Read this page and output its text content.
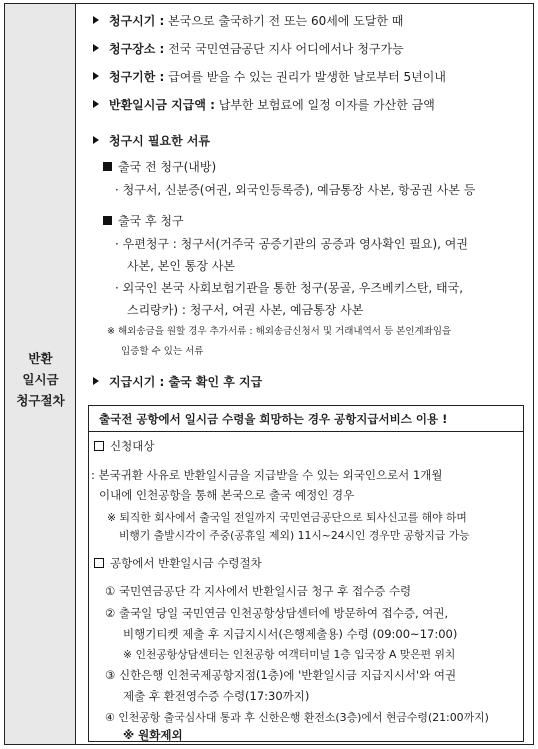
반환
일시금
청구절차
청구시기 : 본국으로 출국하기 전 또는 60세에 도달한 때
청구장소 : 전국 국민연금공단 지사 어디에서나 청구가능
청구기한 : 급여를 받을 수 있는 권리가 발생한 날로부터 5년이내
반환일시금 지급액 : 납부한 보험료에 일정 이자를 가산한 금액
청구시 필요한 서류
출국 전 청구(내방)
· 청구서, 신분증(여권, 외국인등록증), 예금통장 사본, 항공권 사본 등
출국 후 청구
· 우편청구 : 청구서(거주국 공증기관의 공증과 영사확인 필요), 여권
사본, 본인 통장 사본
· 외국인 본국 사회보험기관을 통한 청구(몽골, 우즈베키스탄, 태국,
스리랑카) : 청구서, 여권 사본, 예금통장 사본
※ 해외송금을 원할 경우 추가서류 : 해외송금신청서 및 거래내역서 등 본인계좌임을
입증할 수 있는 서류
지급시기 : 출국 확인 후 지급
출국전 공항에서 일시금 수령을 희망하는 경우 공항지급서비스 이용 !
신청대상
: 본국귀환 사유로 반환일시금을 지급받을 수 있는 외국인으로서 1개월
이내에 인천공항을 통해 본국으로 출국 예정인 경우
※ 퇴직한 회사에서 출국일 전일까지 국민연금공단으로 퇴사신고를 해야 하며
비행기 출발시각이 주중(공휴일 제외) 11시~24시인 경우만 공항지급 가능
공항에서 반환일시금 수령절차
① 국민연금공단 각 지사에서 반환일시금 청구 후 접수증 수령
② 출국일 당일 국민연금 인천공항상담센터에 방문하여 접수증, 여권,
비행기티켓 제출 후 지급지시서(은행제출용) 수령 (09:00~17:00)
※ 인천공항상담센터는 인천공항 여객터미널 1층 입국장 A 맞은편 위치
③ 신한은행 인천국제공항지점(1층)에 '반환일시금 지급지시서'와 여권
제출 후 환전영수증 수령(17:30까지)
④ 인천공항 출국심사대 통과 후 신한은행 환전소(3층)에서 현금수령(21:00까지)
※ 원화제외
